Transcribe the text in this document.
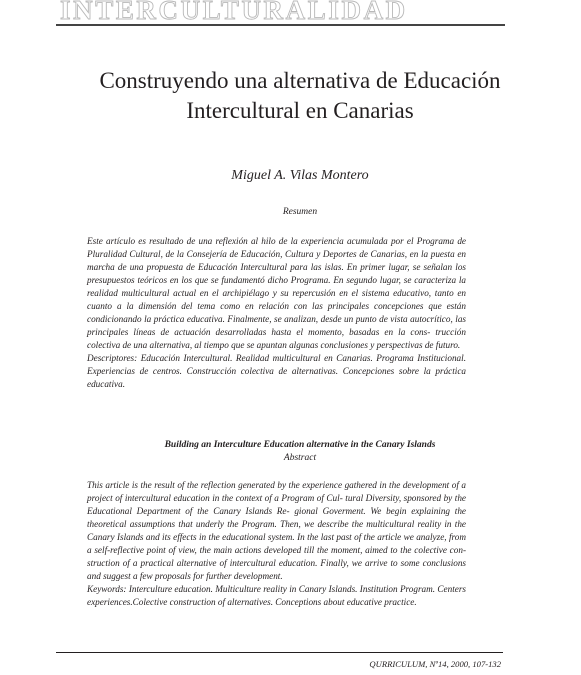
INTERCULTURALIDAD
Construyendo una alternativa de Educación
Intercultural en Canarias
Miguel A. Vilas Montero
Resumen

Este artículo es resultado de una reflexión al hilo de la experiencia acumulada por el Programa de Pluralidad Cultural, de la Consejería de Educación, Cultura y Deportes de Canarias, en la puesta en marcha de una propuesta de Educación Intercultural para las islas. En primer lugar, se señalan los presupuestos teóricos en los que se fundamentó dicho Programa. En segundo lugar, se caracteriza la realidad multicultural actual en el archipiélago y su repercusión en el sistema educativo, tanto en cuanto a la dimensión del tema como en relación con las principales concepciones que están condicionando la práctica educativa. Finalmente, se analizan, desde un punto de vista autocrítico, las principales líneas de actuación desarrolladas hasta el momento, basadas en la cons- trucción colectiva de una alternativa, al tiempo que se apuntan algunas conclusiones y perspectivas de futuro.

Descriptores: Educación Intercultural. Realidad multicultural en Canarias. Programa Institucional. Experiencias de centros. Construcción colectiva de alternativas. Concepciones sobre la práctica educativa.

Building an Interculture Education alternative in the Canary Islands
Abstract

This article is the result of the reflection generated by the experience gathered in the development of a project of intercultural education in the context of a Program of Cul- tural Diversity, sponsored by the Educational Department of the Canary Islands Re- gional Goverment. We begin explaining the theoretical assumptions that underly the Program. Then, we describe the multicultural reality in the Canary Islands and its effects in the educational system. In the last past of the article we analyze, from a self-reflective point of view, the main actions developed till the moment, aimed to the colective con- struction of a practical alternative of intercultural education. Finally, we arrive to some conclusions and suggest a few proposals for further development.

Keywords: Interculture education. Multiculture reality in Canary Islands. Institution Program. Centers experiences.Colective construction of alternatives. Conceptions about educative practice.

QURRICULUM, Nº14, 2000, 107-132
